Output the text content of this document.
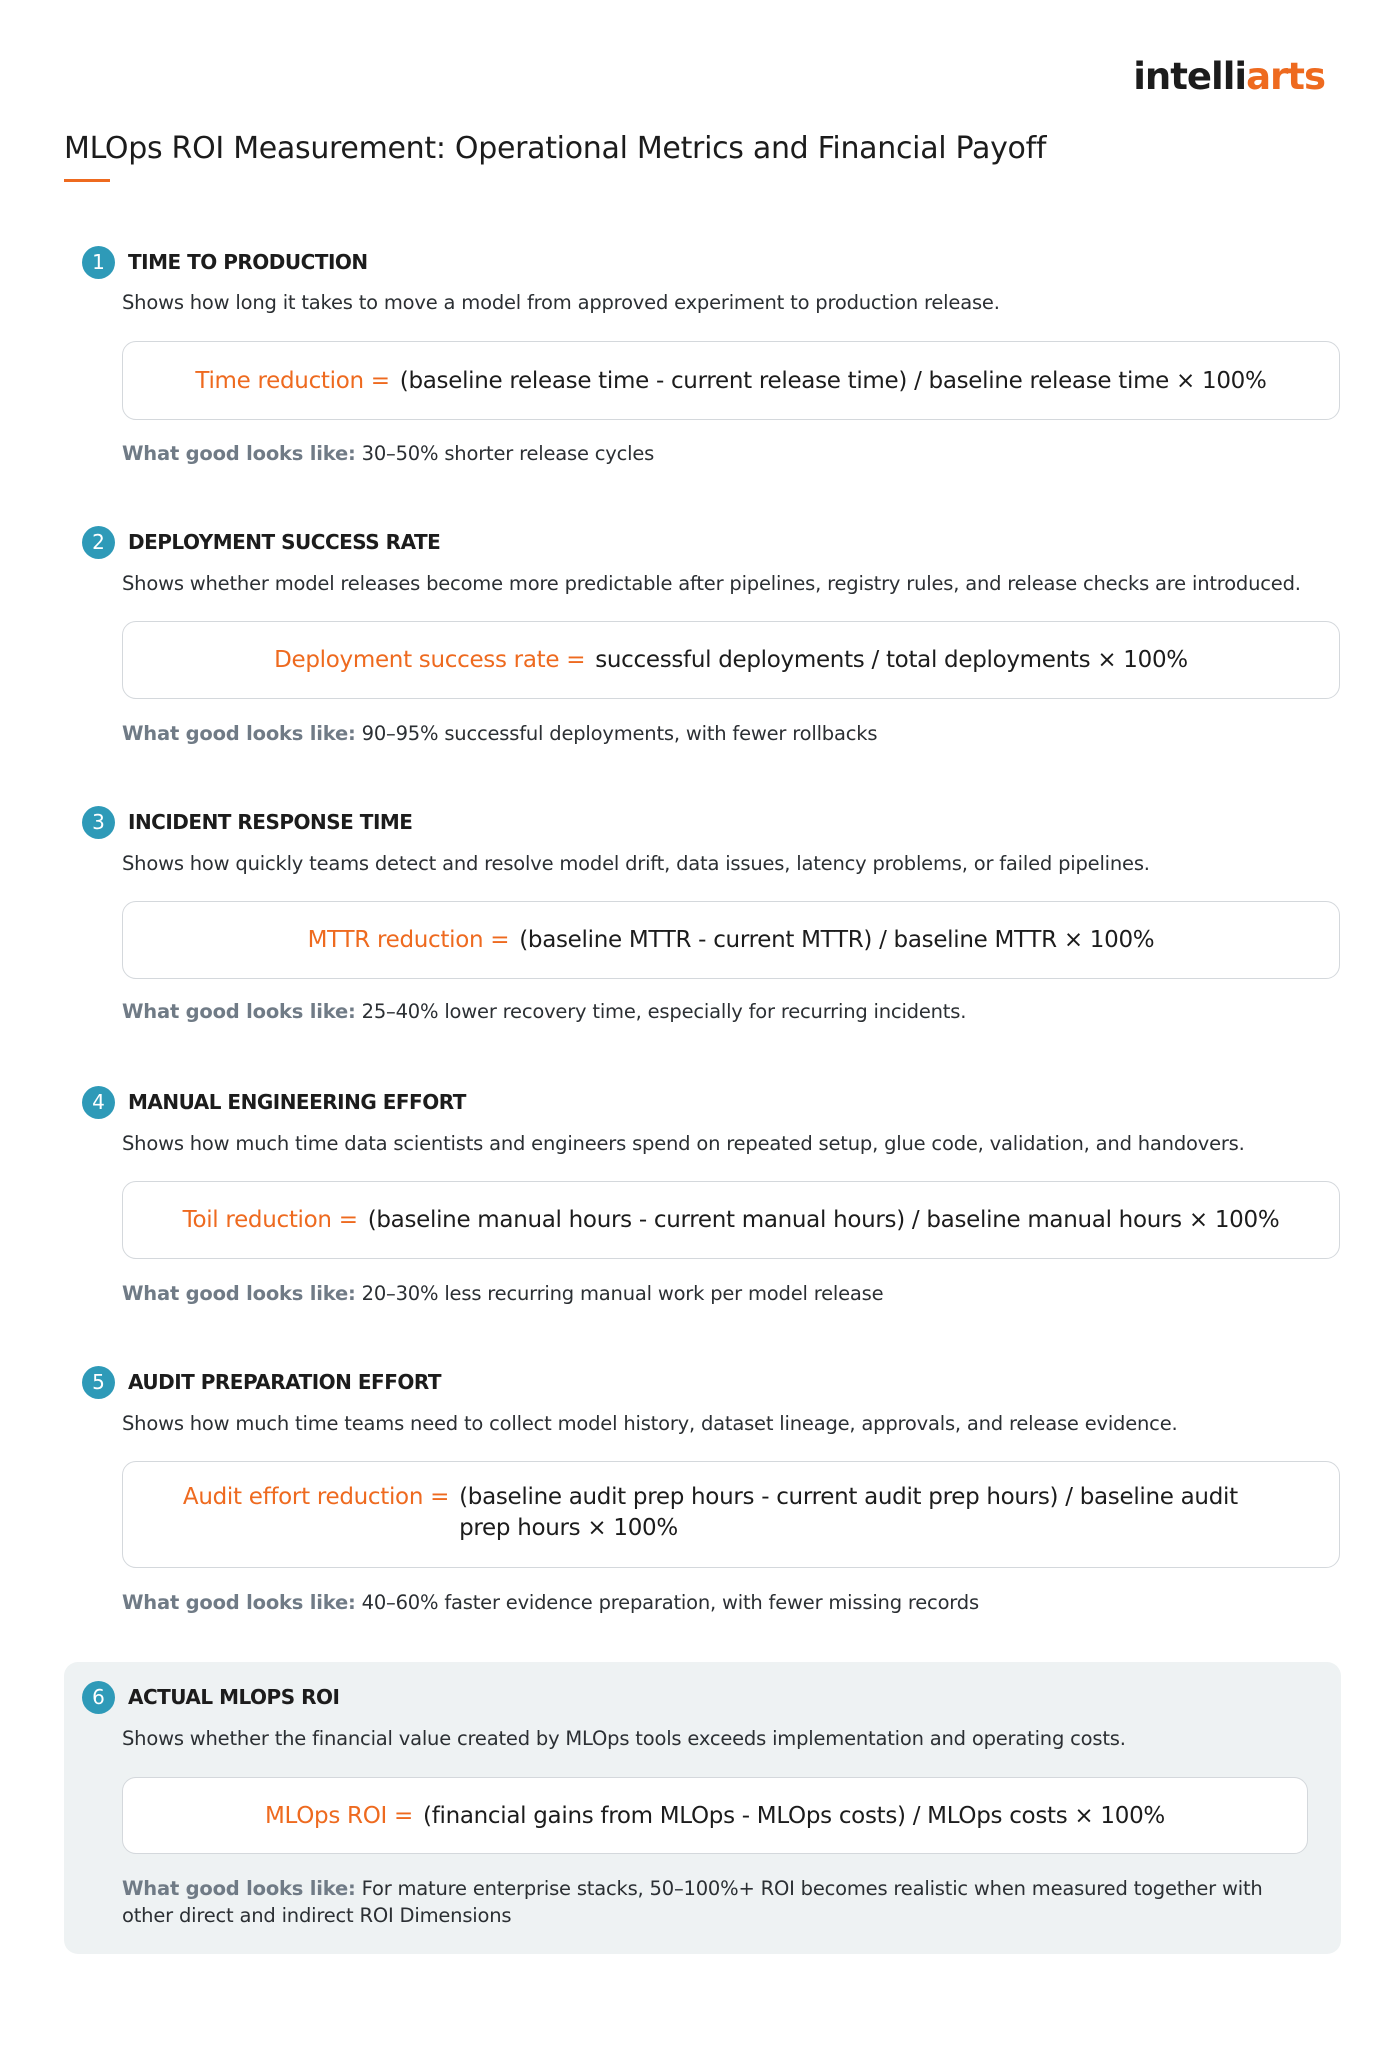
intelliarts
MLOps ROI Measurement: Operational Metrics and Financial Payoff
1	TIME TO PRODUCTION
Shows how long it takes to move a model from approved experiment to production release.
Time reduction = (baseline release time - current release time) / baseline release time × 100%
What good looks like: 30–50% shorter release cycles
2	DEPLOYMENT SUCCESS RATE
Shows whether model releases become more predictable after pipelines, registry rules, and release checks are introduced.
Deployment success rate = successful deployments / total deployments × 100%
What good looks like: 90–95% successful deployments, with fewer rollbacks
3	INCIDENT RESPONSE TIME
Shows how quickly teams detect and resolve model drift, data issues, latency problems, or failed pipelines.
MTTR reduction = (baseline MTTR - current MTTR) / baseline MTTR × 100%
What good looks like: 25–40% lower recovery time, especially for recurring incidents.
4	MANUAL ENGINEERING EFFORT
Shows how much time data scientists and engineers spend on repeated setup, glue code, validation, and handovers.
Toil reduction = (baseline manual hours - current manual hours) / baseline manual hours × 100%
What good looks like: 20–30% less recurring manual work per model release
5	AUDIT PREPARATION EFFORT
Shows how much time teams need to collect model history, dataset lineage, approvals, and release evidence.
Audit effort reduction = (baseline audit prep hours - current audit prep hours) / baseline audit prep hours × 100%
What good looks like: 40–60% faster evidence preparation, with fewer missing records
6	ACTUAL MLOPS ROI
Shows whether the financial value created by MLOps tools exceeds implementation and operating costs.
MLOps ROI = (financial gains from MLOps - MLOps costs) / MLOps costs × 100%
What good looks like: For mature enterprise stacks, 50–100%+ ROI becomes realistic when measured together with other direct and indirect ROI Dimensions
